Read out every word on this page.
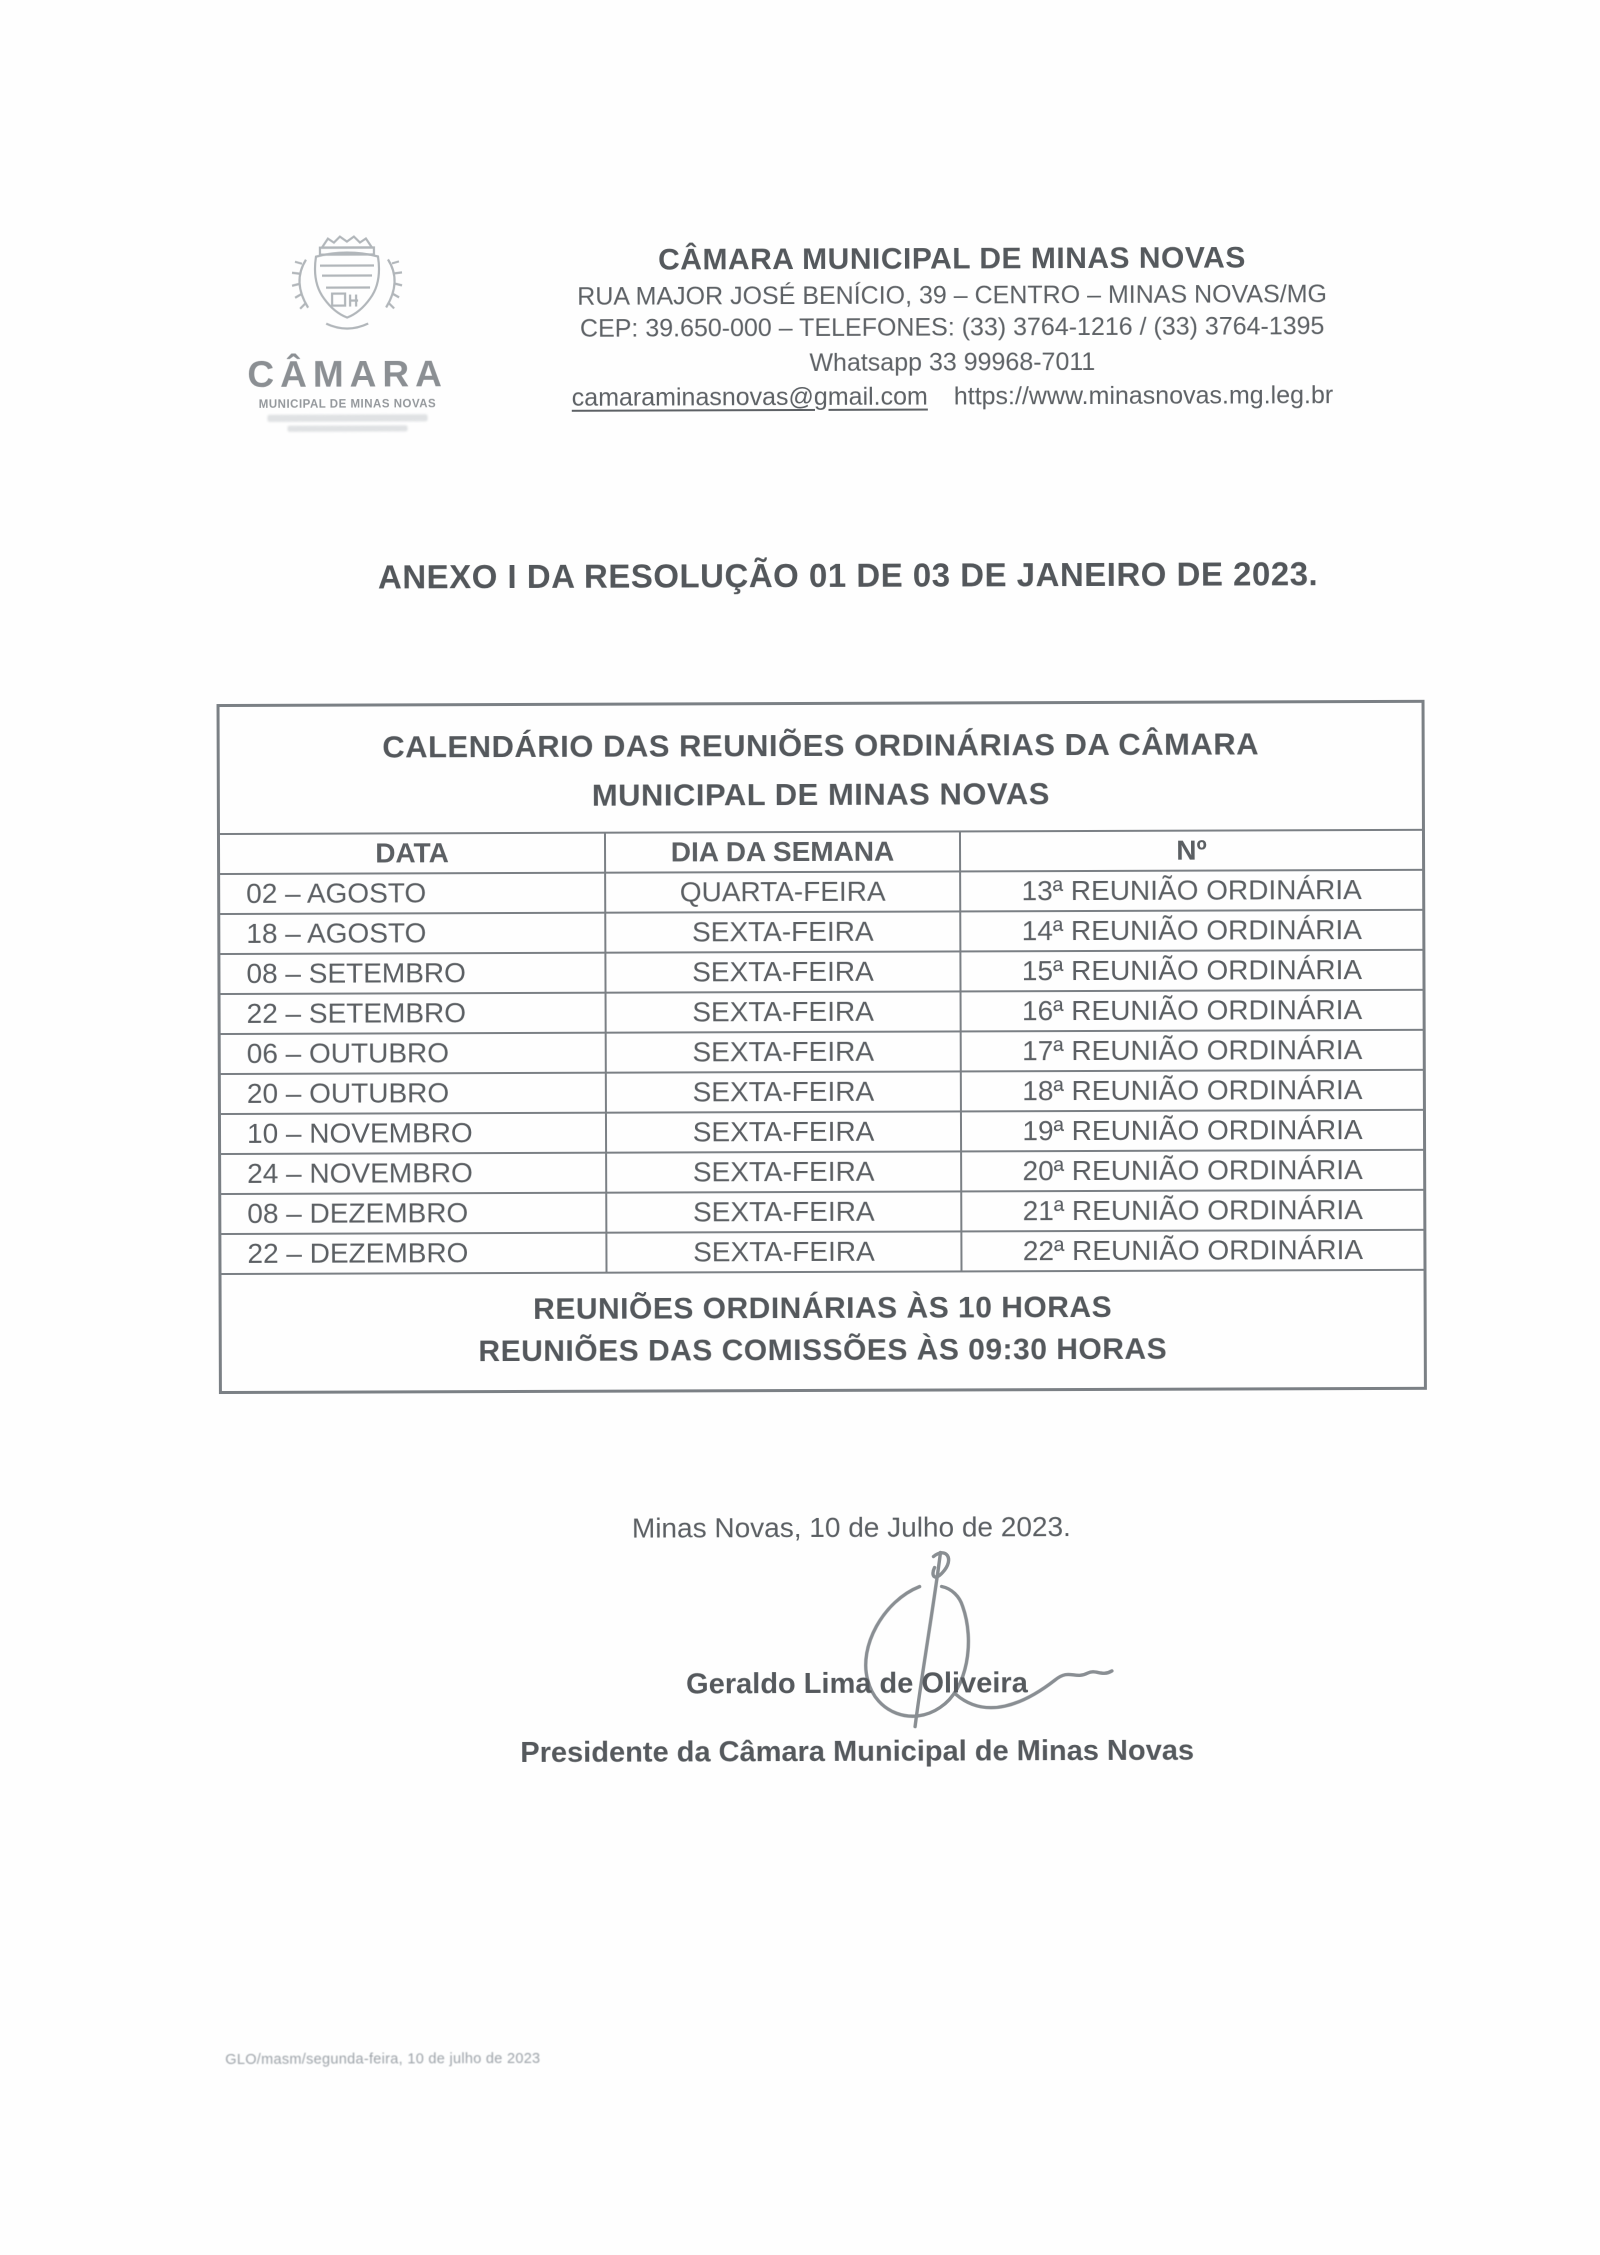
CÂMARA
MUNICIPAL DE MINAS NOVAS
CÂMARA MUNICIPAL DE MINAS NOVAS
RUA MAJOR JOSÉ BENÍCIO, 39 – CENTRO – MINAS NOVAS/MG
CEP: 39.650-000 – TELEFONES: (33) 3764-1216 / (33) 3764-1395
Whatsapp 33 99968-7011
camaraminasnovas@gmail.com https://www.minasnovas.mg.leg.br
ANEXO I DA RESOLUÇÃO 01 DE 03 DE JANEIRO DE 2023.
CALENDÁRIO DAS REUNIÕES ORDINÁRIAS DA CÂMARA
MUNICIPAL DE MINAS NOVAS
DATA	DIA DA SEMANA	Nº
02 – AGOSTO	QUARTA-FEIRA	13ª REUNIÃO ORDINÁRIA
18 – AGOSTO	SEXTA-FEIRA	14ª REUNIÃO ORDINÁRIA
08 – SETEMBRO	SEXTA-FEIRA	15ª REUNIÃO ORDINÁRIA
22 – SETEMBRO	SEXTA-FEIRA	16ª REUNIÃO ORDINÁRIA
06 – OUTUBRO	SEXTA-FEIRA	17ª REUNIÃO ORDINÁRIA
20 – OUTUBRO	SEXTA-FEIRA	18ª REUNIÃO ORDINÁRIA
10 – NOVEMBRO	SEXTA-FEIRA	19ª REUNIÃO ORDINÁRIA
24 – NOVEMBRO	SEXTA-FEIRA	20ª REUNIÃO ORDINÁRIA
08 – DEZEMBRO	SEXTA-FEIRA	21ª REUNIÃO ORDINÁRIA
22 – DEZEMBRO	SEXTA-FEIRA	22ª REUNIÃO ORDINÁRIA
REUNIÕES ORDINÁRIAS ÀS 10 HORAS
REUNIÕES DAS COMISSÕES ÀS 09:30 HORAS
Minas Novas, 10 de Julho de 2023.
Geraldo Lima de Oliveira
Presidente da Câmara Municipal de Minas Novas
GLO/masm/segunda-feira, 10 de julho de 2023
